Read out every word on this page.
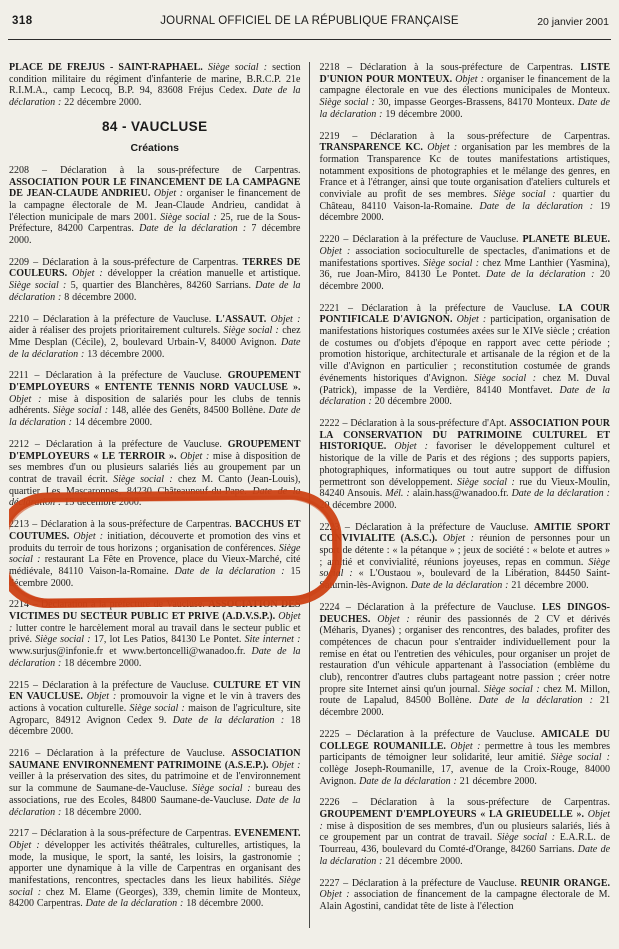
318	JOURNAL OFFICIEL DE LA RÉPUBLIQUE FRANÇAISE	20 janvier 2001

PLACE DE FREJUS - SAINT-RAPHAEL. Siège social : section condition militaire du régiment d'infanterie de marine, B.R.C.P. 21e R.I.M.A., camp Lecocq, B.P. 94, 83608 Fréjus Cedex. Date de la déclaration : 22 décembre 2000.

84 - VAUCLUSE
Créations

2208 – Déclaration à la sous-préfecture de Carpentras. ASSOCIATION POUR LE FINANCEMENT DE LA CAMPAGNE DE JEAN-CLAUDE ANDRIEU. Objet : organiser le financement de la campagne électorale de M. Jean-Claude Andrieu, candidat à l'élection municipale de mars 2001. Siège social : 25, rue de la Sous-Préfecture, 84200 Carpentras. Date de la déclaration : 7 décembre 2000.

2209 – Déclaration à la sous-préfecture de Carpentras. TERRES DE COULEURS. Objet : développer la création manuelle et artistique. Siège social : 5, quartier des Blanchères, 84260 Sarrians. Date de la déclaration : 8 décembre 2000.

2210 – Déclaration à la préfecture de Vaucluse. L'ASSAUT. Objet : aider à réaliser des projets prioritairement culturels. Siège social : chez Mme Desplan (Cécile), 2, boulevard Urbain-V, 84000 Avignon. Date de la déclaration : 13 décembre 2000.

2211 – Déclaration à la préfecture de Vaucluse. GROUPEMENT D'EMPLOYEURS « ENTENTE TENNIS NORD VAUCLUSE ». Objet : mise à disposition de salariés pour les clubs de tennis adhérents. Siège social : 148, allée des Genêts, 84500 Bollène. Date de la déclaration : 14 décembre 2000.

2212 – Déclaration à la préfecture de Vaucluse. GROUPEMENT D'EMPLOYEURS « LE TERROIR ». Objet : mise à disposition de ses membres d'un ou plusieurs salariés liés au groupement par un contrat de travail écrit. Siège social : chez M. Canto (Jean-Louis), quartier Les Mascaronnes, 84230 Châteauneuf-du-Pape. Date de la déclaration : 15 décembre 2000.

2213 – Déclaration à la sous-préfecture de Carpentras. BACCHUS ET COUTUMES. Objet : initiation, découverte et promotion des vins et produits du terroir de tous horizons ; organisation de conférences. Siège social : restaurant La Fête en Provence, place du Vieux-Marché, cité médiévale, 84110 Vaison-la-Romaine. Date de la déclaration : 15 décembre 2000.

2214 – Déclaration à la préfecture de Vaucluse. ASSOCIATION DES VICTIMES DU SECTEUR PUBLIC ET PRIVE (A.D.V.S.P.). Objet : lutter contre le harcèlement moral au travail dans le secteur public et privé. Siège social : 17, lot Les Patios, 84130 Le Pontet. Site internet : www.surjus@infonie.fr et www.bertoncelli@wanadoo.fr. Date de la déclaration : 18 décembre 2000.

2215 – Déclaration à la préfecture de Vaucluse. CULTURE ET VIN EN VAUCLUSE. Objet : promouvoir la vigne et le vin à travers des actions à vocation culturelle. Siège social : maison de l'agriculture, site Agroparc, 84912 Avignon Cedex 9. Date de la déclaration : 18 décembre 2000.

2216 – Déclaration à la préfecture de Vaucluse. ASSOCIATION SAUMANE ENVIRONNEMENT PATRIMOINE (A.S.E.P.). Objet : veiller à la préservation des sites, du patrimoine et de l'environnement sur la commune de Saumane-de-Vaucluse. Siège social : bureau des associations, rue des Ecoles, 84800 Saumane-de-Vaucluse. Date de la déclaration : 18 décembre 2000.

2217 – Déclaration à la sous-préfecture de Carpentras. EVENEMENT. Objet : développer les activités théâtrales, culturelles, artistiques, la mode, la musique, le sport, la santé, les loisirs, la gastronomie ; apporter une dynamique à la ville de Carpentras en organisant des manifestations, rencontres, spectacles dans les lieux habilités. Siège social : chez M. Elame (Georges), 339, chemin limite de Monteux, 84200 Carpentras. Date de la déclaration : 18 décembre 2000.

2218 – Déclaration à la sous-préfecture de Carpentras. LISTE D'UNION POUR MONTEUX. Objet : organiser le financement de la campagne électorale en vue des élections municipales de Monteux. Siège social : 30, impasse Georges-Brassens, 84170 Monteux. Date de la déclaration : 19 décembre 2000.

2219 – Déclaration à la sous-préfecture de Carpentras. TRANSPARENCE KC. Objet : organisation par les membres de la formation Transparence Kc de toutes manifestations artistiques, notamment expositions de photographies et le mélange des genres, en France et à l'étranger, ainsi que toute organisation d'ateliers culturels et conviviale au profit de ses membres. Siège social : quartier du Château, 84110 Vaison-la-Romaine. Date de la déclaration : 19 décembre 2000.

2220 – Déclaration à la préfecture de Vaucluse. PLANETE BLEUE. Objet : association socioculturelle de spectacles, d'animations et de manifestations sportives. Siège social : chez Mme Lanthier (Yasmina), 36, rue Joan-Miro, 84130 Le Pontet. Date de la déclaration : 20 décembre 2000.

2221 – Déclaration à la préfecture de Vaucluse. LA COUR PONTIFICALE D'AVIGNON. Objet : participation, organisation de manifestations historiques costumées axées sur le XIVe siècle ; création de costumes ou d'objets d'époque en rapport avec cette période ; promotion historique, architecturale et artisanale de la région et de la ville d'Avignon en particulier ; reconstitution costumée de grands événements historiques d'Avignon. Siège social : chez M. Duval (Patrick), impasse de la Verdière, 84140 Montfavet. Date de la déclaration : 20 décembre 2000.

2222 – Déclaration à la sous-préfecture d'Apt. ASSOCIATION POUR LA CONSERVATION DU PATRIMOINE CULTUREL ET HISTORIQUE. Objet : favoriser le développement culturel et historique de la ville de Paris et des régions ; des supports papiers, photographiques, informatiques ou tout autre support de diffusion permettront son développement. Siège social : rue du Vieux-Moulin, 84240 Ansouis. Mél. : alain.hass@wanadoo.fr. Date de la déclaration : 20 décembre 2000.

2223 – Déclaration à la préfecture de Vaucluse. AMITIE SPORT CONVIVIALITE (A.S.C.). Objet : réunion de personnes pour un sport de détente : « la pétanque » ; jeux de société : « belote et autres » ; amitié et convivialité, réunions joyeuses, repas en commun. Siège social : « L'Oustaou », boulevard de la Libération, 84450 Saint-Saturnin-lès-Avignon. Date de la déclaration : 21 décembre 2000.

2224 – Déclaration à la préfecture de Vaucluse. LES DINGOS-DEUCHES. Objet : réunir des passionnés de 2 CV et dérivés (Méharis, Dyanes) ; organiser des rencontres, des balades, profiter des compétences de chacun pour s'entraider individuellement pour la remise en état ou l'entretien des véhicules, pour organiser un projet de restauration d'un véhicule appartenant à l'association (emblème du club), rencontrer d'autres clubs partageant notre passion ; créer notre propre site Internet ainsi qu'un journal. Siège social : chez M. Millon, route de Lapalud, 84500 Bollène. Date de la déclaration : 21 décembre 2000.

2225 – Déclaration à la préfecture de Vaucluse. AMICALE DU COLLEGE ROUMANILLE. Objet : permettre à tous les membres participants de témoigner leur solidarité, leur amitié. Siège social : collège Joseph-Roumanille, 17, avenue de la Croix-Rouge, 84000 Avignon. Date de la déclaration : 21 décembre 2000.

2226 – Déclaration à la sous-préfecture de Carpentras. GROUPEMENT D'EMPLOYEURS « LA GRIEUDELLE ». Objet : mise à disposition de ses membres, d'un ou plusieurs salariés, liés à ce groupement par un contrat de travail. Siège social : E.A.R.L. de Tourreau, 436, boulevard du Comté-d'Orange, 84260 Sarrians. Date de la déclaration : 21 décembre 2000.

2227 – Déclaration à la préfecture de Vaucluse. REUNIR ORANGE. Objet : association de financement de la campagne électorale de M. Alain Agostini, candidat tête de liste à l'élection
